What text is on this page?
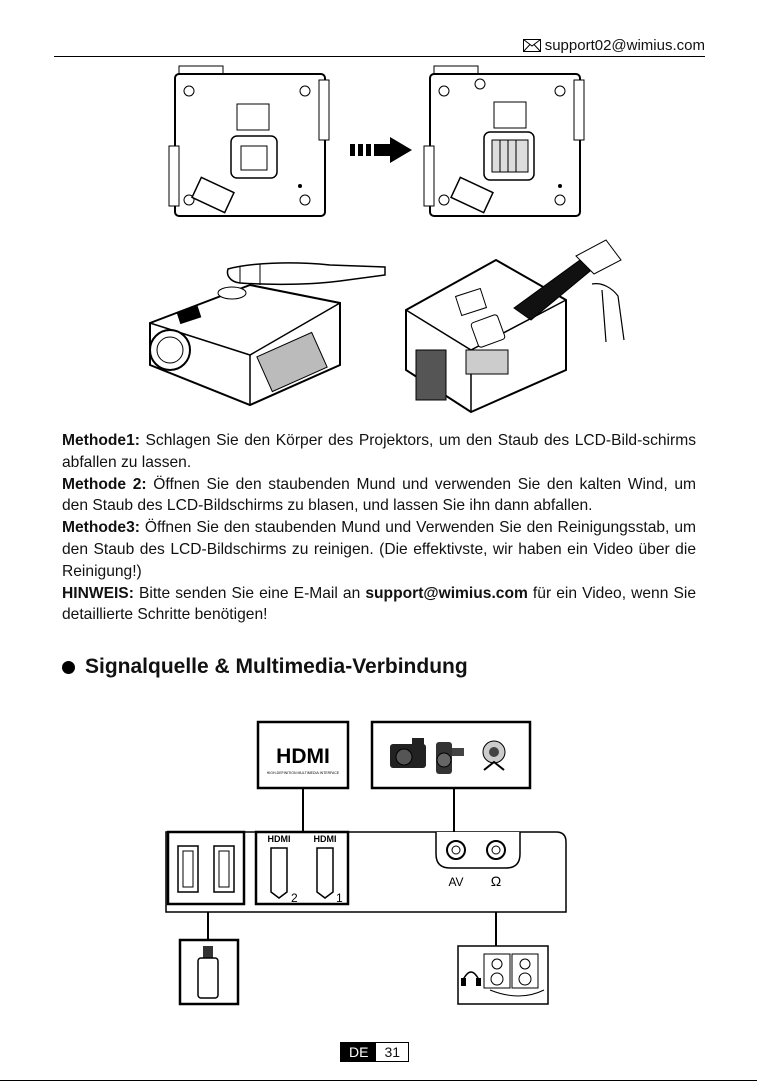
support02@wimius.com

Methode1: Schlagen Sie den Körper des Projektors, um den Staub des LCD-Bild-schirms abfallen zu lassen.

Methode 2: Öffnen Sie den staubenden Mund und verwenden Sie den kalten Wind, um den Staub des LCD-Bildschirms zu blasen, und lassen Sie ihn dann abfallen.

Methode3: Öffnen Sie den staubenden Mund und Verwenden Sie den Reinigungsstab, um den Staub des LCD-Bildschirms zu reinigen. (Die effektivste, wir haben ein Video über die Reinigung!)

HINWEIS: Bitte senden Sie eine E-Mail an support@wimius.com für ein Video, wenn Sie detaillierte Schritte benötigen!

Signalquelle & Multimedia-Verbindung
HDMI
HIGH-DEFINITION MULTIMEDIA INTERFACE
HDMI	HDMI
2	1
AV Ω
DE	31
